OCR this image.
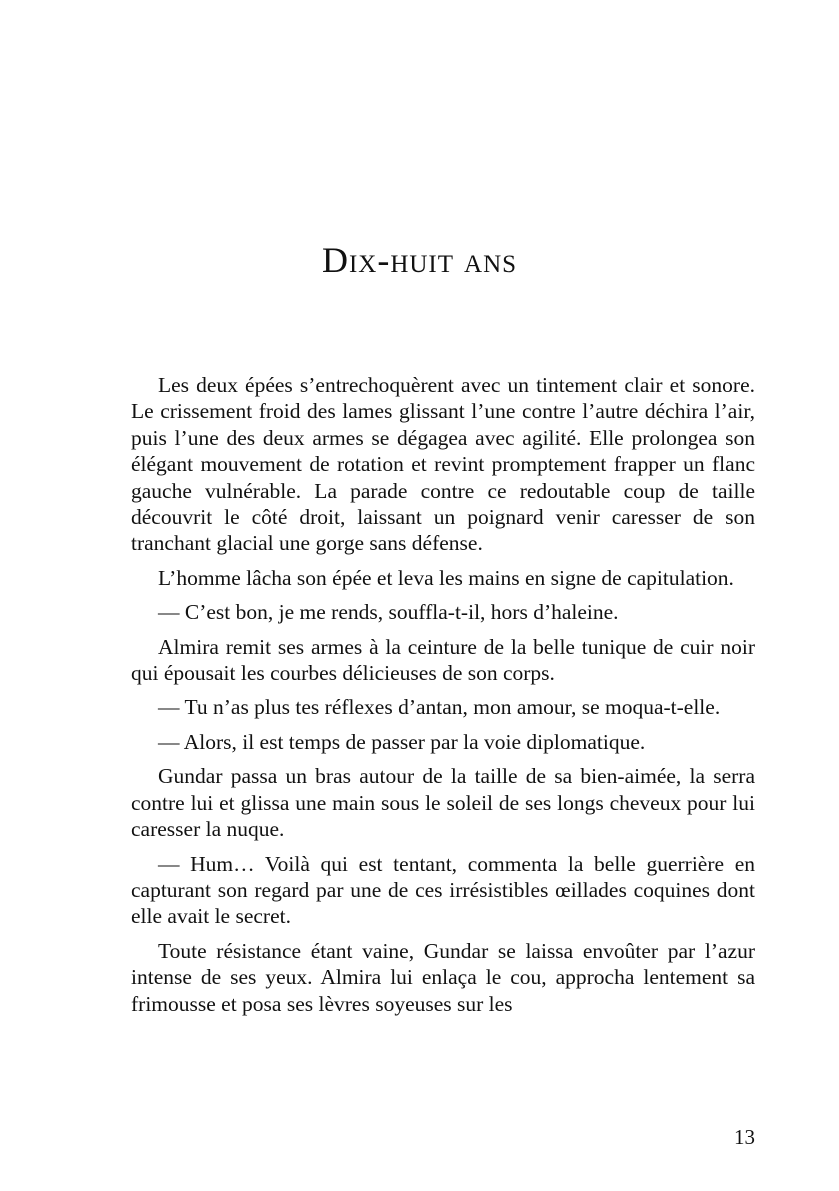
Dix-huit ans

Les deux épées s’entrechoquèrent avec un tintement clair et sonore. Le crissement froid des lames glissant l’une contre l’autre déchira l’air, puis l’une des deux armes se dégagea avec agilité. Elle prolongea son élégant mouvement de rotation et revint promptement frapper un flanc gauche vulnérable. La parade contre ce redoutable coup de taille découvrit le côté droit, laissant un poignard venir caresser de son tranchant glacial une gorge sans défense.

L’homme lâcha son épée et leva les mains en signe de capitulation.

— C’est bon, je me rends, souffla-t-il, hors d’haleine.

Almira remit ses armes à la ceinture de la belle tunique de cuir noir qui épousait les courbes délicieuses de son corps.

— Tu n’as plus tes réflexes d’antan, mon amour, se moqua-t-elle.

— Alors, il est temps de passer par la voie diplomatique.

Gundar passa un bras autour de la taille de sa bien-aimée, la serra contre lui et glissa une main sous le soleil de ses longs cheveux pour lui caresser la nuque.

— Hum… Voilà qui est tentant, commenta la belle guerrière en capturant son regard par une de ces irrésistibles œillades coquines dont elle avait le secret.

Toute résistance étant vaine, Gundar se laissa envoûter par l’azur intense de ses yeux. Almira lui enlaça le cou, approcha lentement sa frimousse et posa ses lèvres soyeuses sur les

13
